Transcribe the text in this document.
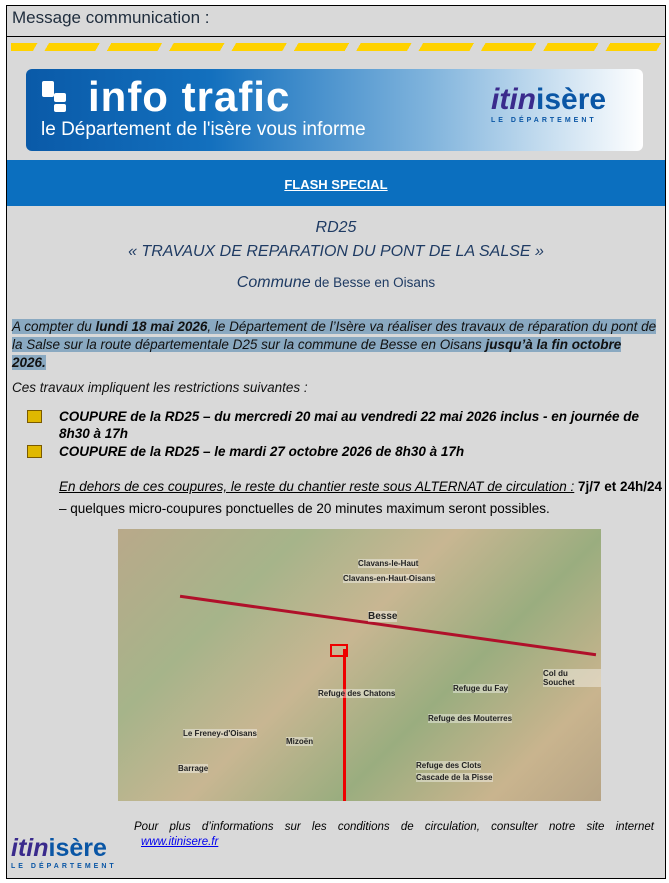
Message communication :
info trafic
le Département de l'isère vous informe
itinisère
LE DÉPARTEMENT
FLASH SPECIAL
RD25
« TRAVAUX DE REPARATION DU PONT DE LA SALSE »
Commune de Besse en Oisans
A compter du lundi 18 mai 2026, le Département de l’Isère va réaliser des travaux de réparation du pont de la Salse sur la route départementale D25 sur la commune de Besse en Oisans jusqu’à la fin octobre 2026.
Ces travaux impliquent les restrictions suivantes :
COUPURE de la RD25 – du mercredi 20 mai au vendredi 22 mai 2026 inclus - en journée de 8h30 à 17h
COUPURE de la RD25 – le mardi 27 octobre 2026 de 8h30 à 17h
En dehors de ces coupures, le reste du chantier reste sous ALTERNAT de circulation : 7j/7 et 24h/24 – quelques micro-coupures ponctuelles de 20 minutes maximum seront possibles.
Clavans-le-Haut
Clavans-en-Haut-Oisans
Besse
Refuge des Chatons
Refuge du Fay
Refuge des Mouterres
Le Freney-d'Oisans
Mizoën
Barrage	Refuge des Clots
Cascade de la Pisse
Col du Souchet
itinisère
LE DÉPARTEMENT
Pour plus d’informations sur les conditions de circulation, consulter notre site internet
www.itinisere.fr
